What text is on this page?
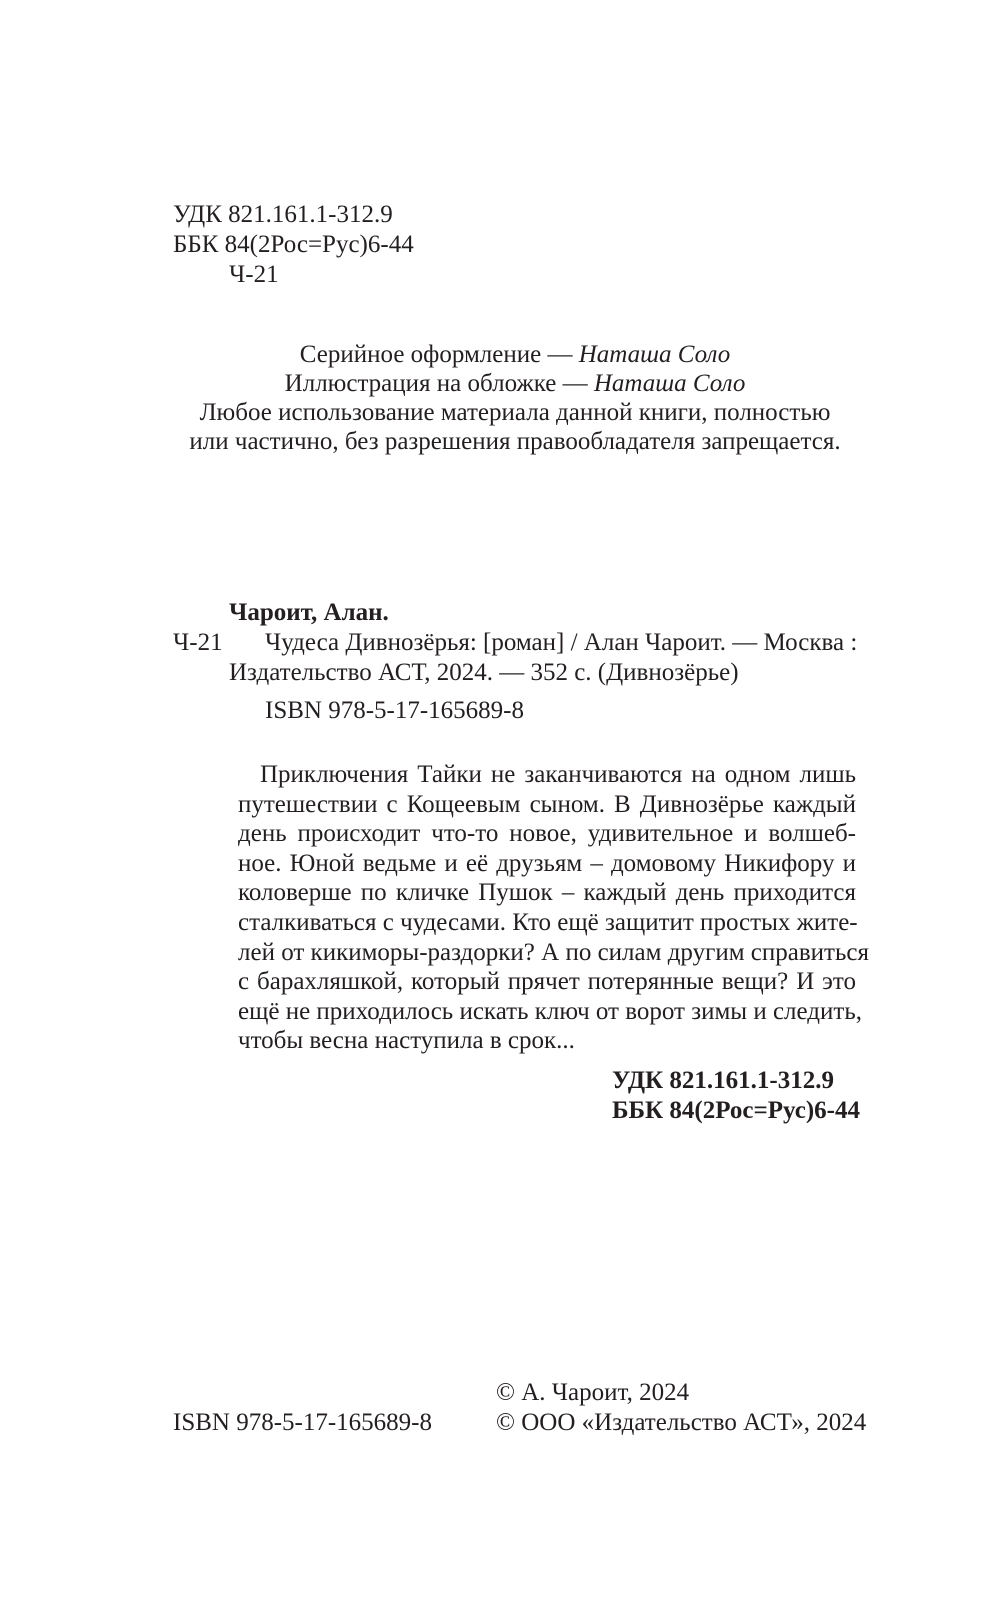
УДК 821.161.1-312.9
ББК 84(2Рос=Рус)6-44
Ч-21
Серийное оформление — Наташа Соло
Иллюстрация на обложке — Наташа Соло
Любое использование материала данной книги, полностью
или частично, без разрешения правообладателя запрещается.
Чароит, Алан.
Ч-21 Чудеса Дивнозёрья: [роман] / Алан Чароит. — Москва :
Издательство АСТ, 2024. — 352 с. (Дивнозёрье)
ISBN 978-5-17-165689-8
Приключения Тайки не заканчиваются на одном лишь
путешествии с Кощеевым сыном. В Дивнозёрье каждый
день происходит что-то новое, удивительное и волшеб-
ное. Юной ведьме и её друзьям – домовому Никифору и
коловерше по кличке Пушок – каждый день приходится
сталкиваться с чудесами. Кто ещё защитит простых жите-
лей от кикиморы-раздорки? А по силам другим справиться
с барахляшкой, который прячет потерянные вещи? И это
ещё не приходилось искать ключ от ворот зимы и следить,
чтобы весна наступила в срок...
УДК 821.161.1-312.9
ББК 84(2Рос=Рус)6-44
© А. Чароит, 2024
ISBN 978-5-17-165689-8	© ООО «Издательство АСТ», 2024
